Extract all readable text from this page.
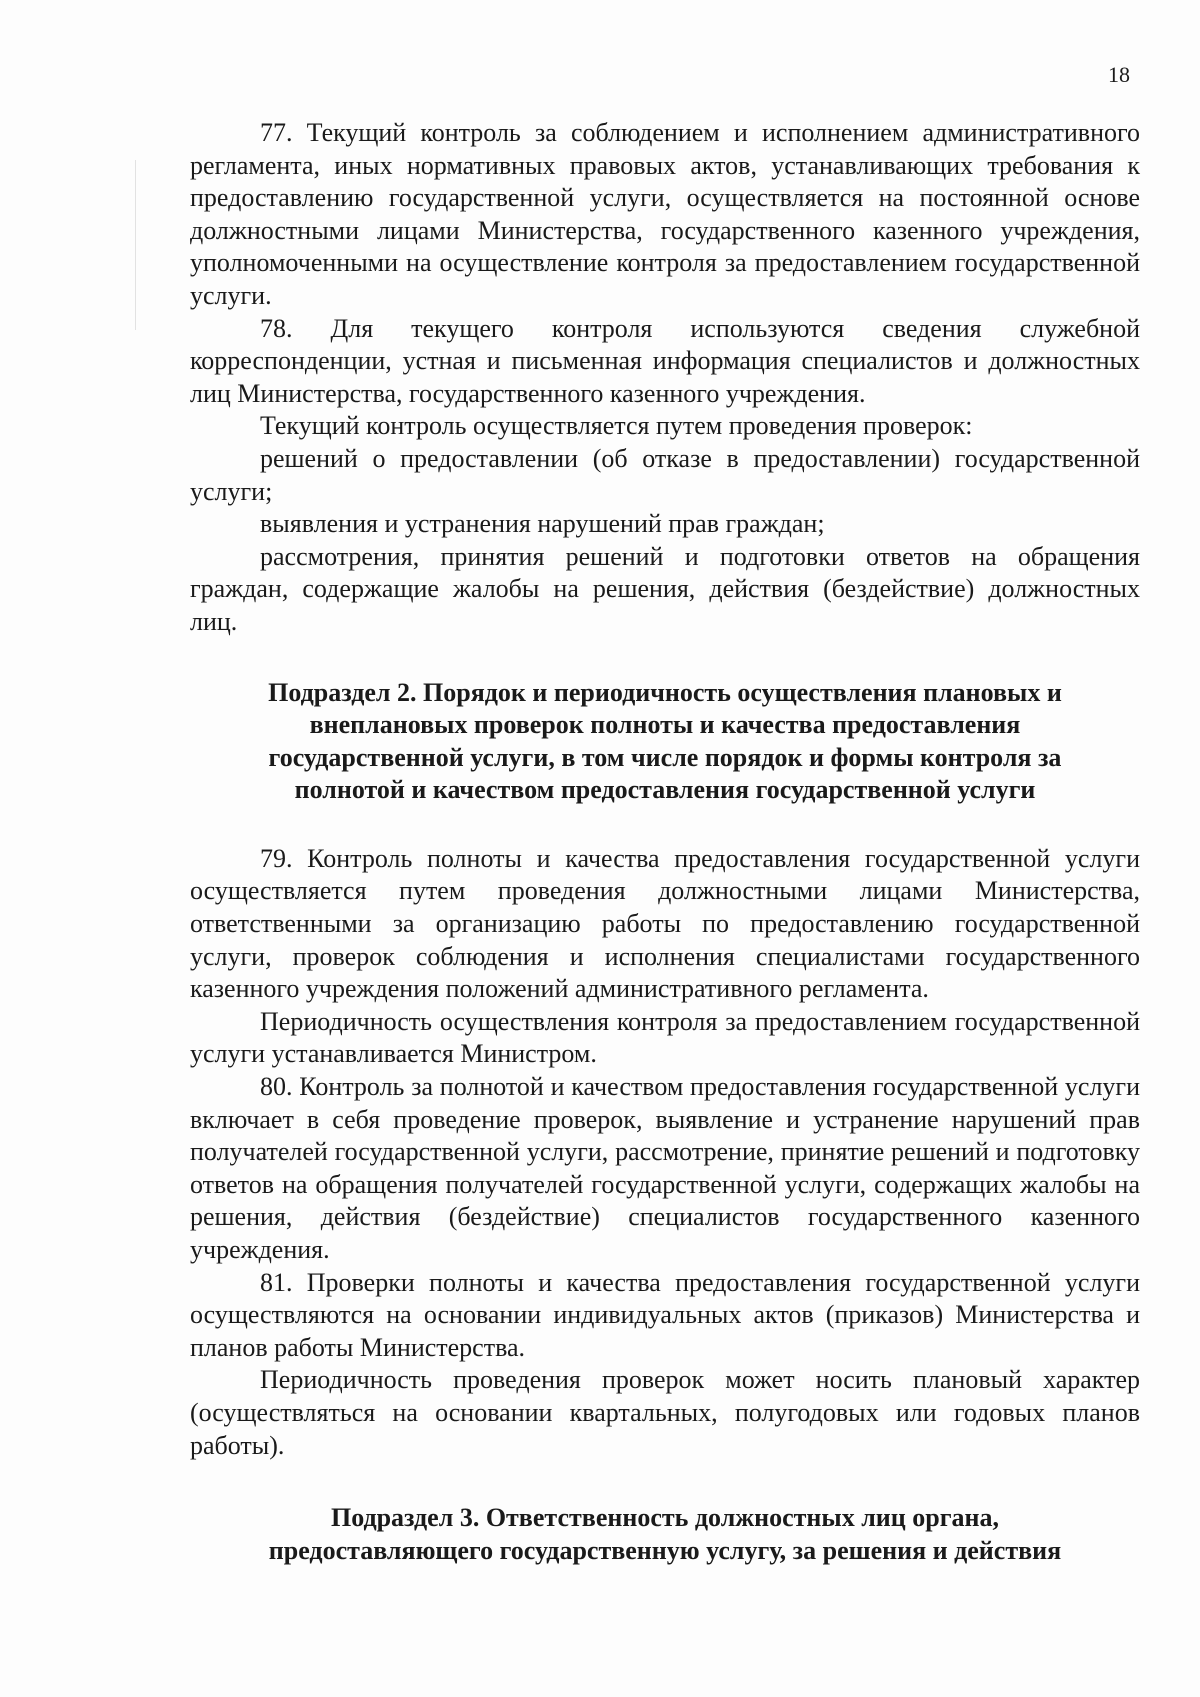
18

77. Текущий контроль за соблюдением и исполнением административного регламента, иных нормативных правовых актов, устанавливающих требования к предоставлению государственной услуги, осуществляется на постоянной основе должностными лицами Министерства, государственного казенного учреждения, уполномоченными на осуществление контроля за предоставлением государственной услуги.

78. Для текущего контроля используются сведения служебной корреспонденции, устная и письменная информация специалистов и должностных лиц Министерства, государственного казенного учреждения.

Текущий контроль осуществляется путем проведения проверок:

решений о предоставлении (об отказе в предоставлении) государственной услуги;

выявления и устранения нарушений прав граждан;

рассмотрения, принятия решений и подготовки ответов на обращения граждан, содержащие жалобы на решения, действия (бездействие) должностных лиц.

Подраздел 2. Порядок и периодичность осуществления плановых и
внеплановых проверок полноты и качества предоставления
государственной услуги, в том числе порядок и формы контроля за
полнотой и качеством предоставления государственной услуги

79. Контроль полноты и качества предоставления государственной услуги осуществляется путем проведения должностными лицами Министерства, ответственными за организацию работы по предоставлению государственной услуги, проверок соблюдения и исполнения специалистами государственного казенного учреждения положений административного регламента.

Периодичность осуществления контроля за предоставлением государственной услуги устанавливается Министром.

80. Контроль за полнотой и качеством предоставления государственной услуги включает в себя проведение проверок, выявление и устранение нарушений прав получателей государственной услуги, рассмотрение, принятие решений и подготовку ответов на обращения получателей государственной услуги, содержащих жалобы на решения, действия (бездействие) специалистов государственного казенного учреждения.

81. Проверки полноты и качества предоставления государственной услуги осуществляются на основании индивидуальных актов (приказов) Министерства и планов работы Министерства.

Периодичность проведения проверок может носить плановый характер (осуществляться на основании квартальных, полугодовых или годовых планов работы).

Подраздел 3. Ответственность должностных лиц органа,
предоставляющего государственную услугу, за решения и действия
